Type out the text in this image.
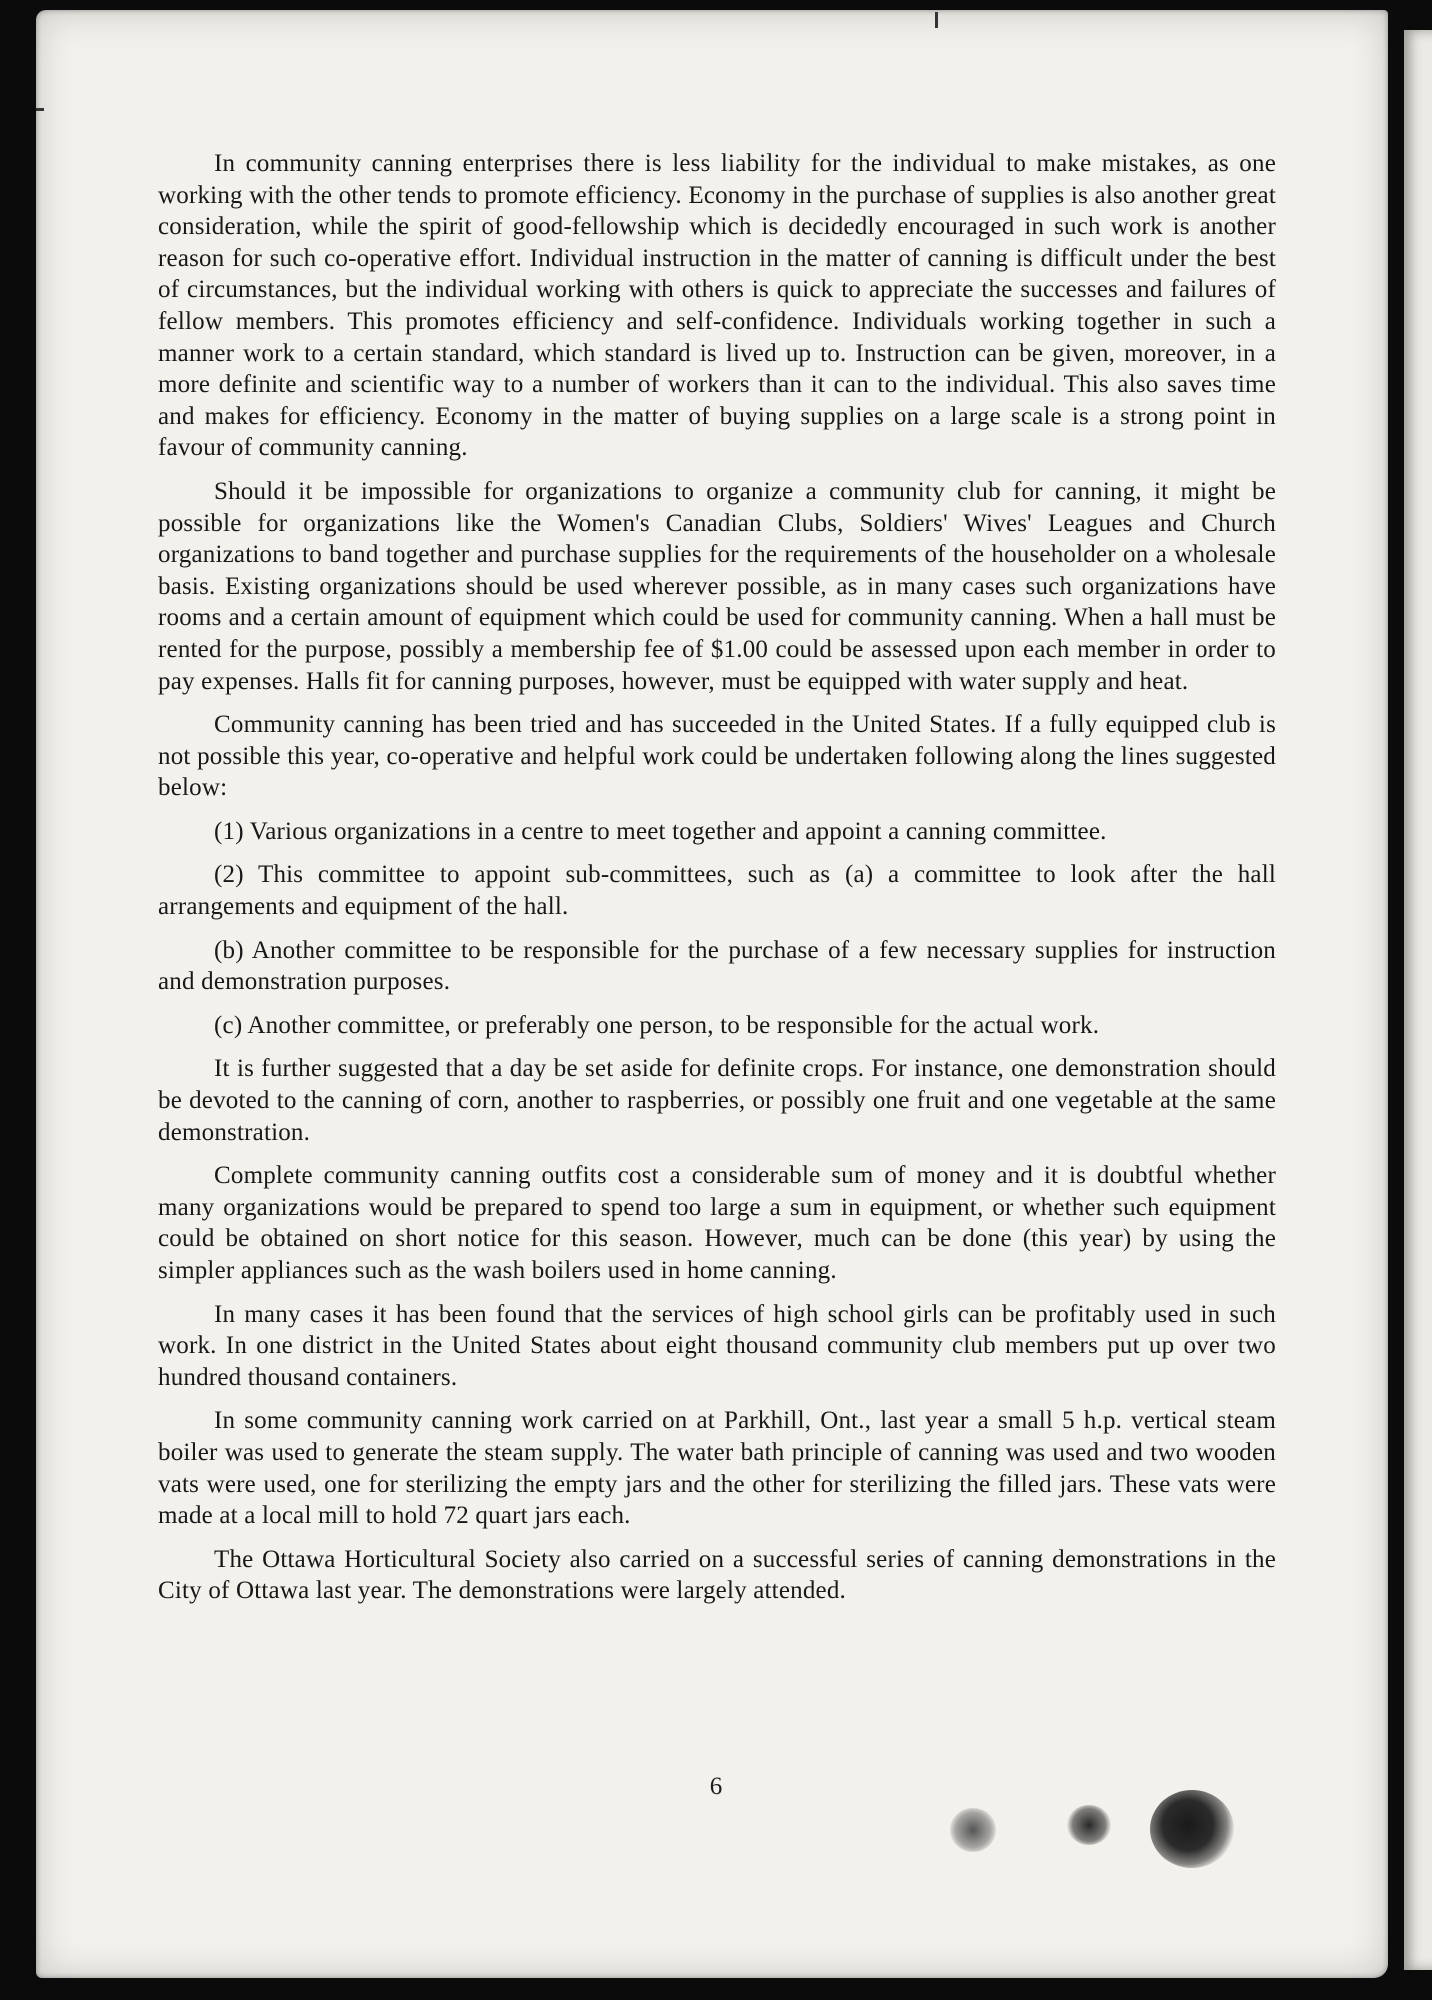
In community canning enterprises there is less liability for the individual to make mistakes, as one working with the other tends to promote efficiency. Economy in the purchase of supplies is also another great consideration, while the spirit of good-fellowship which is decidedly encouraged in such work is another reason for such co-operative effort. Individual instruction in the matter of canning is difficult under the best of circumstances, but the individual working with others is quick to appreciate the successes and failures of fellow members. This promotes efficiency and self-confidence. Individuals working together in such a manner work to a certain standard, which standard is lived up to. Instruction can be given, moreover, in a more definite and scientific way to a number of workers than it can to the individual. This also saves time and makes for efficiency. Economy in the matter of buying supplies on a large scale is a strong point in favour of community canning.

Should it be impossible for organizations to organize a community club for canning, it might be possible for organizations like the Women's Canadian Clubs, Soldiers' Wives' Leagues and Church organizations to band together and purchase supplies for the requirements of the householder on a wholesale basis. Existing organizations should be used wherever possible, as in many cases such organizations have rooms and a certain amount of equipment which could be used for community canning. When a hall must be rented for the purpose, possibly a membership fee of $1.00 could be assessed upon each member in order to pay expenses. Halls fit for canning purposes, however, must be equipped with water supply and heat.

Community canning has been tried and has succeeded in the United States. If a fully equipped club is not possible this year, co-operative and helpful work could be undertaken following along the lines suggested below:

(1) Various organizations in a centre to meet together and appoint a canning committee.

(2) This committee to appoint sub-committees, such as (a) a committee to look after the hall arrangements and equipment of the hall.

(b) Another committee to be responsible for the purchase of a few necessary supplies for instruction and demonstration purposes.

(c) Another committee, or preferably one person, to be responsible for the actual work.

It is further suggested that a day be set aside for definite crops. For instance, one demonstration should be devoted to the canning of corn, another to raspberries, or possibly one fruit and one vegetable at the same demonstration.

Complete community canning outfits cost a considerable sum of money and it is doubtful whether many organizations would be prepared to spend too large a sum in equipment, or whether such equipment could be obtained on short notice for this season. However, much can be done (this year) by using the simpler appliances such as the wash boilers used in home canning.

In many cases it has been found that the services of high school girls can be profitably used in such work. In one district in the United States about eight thousand community club members put up over two hundred thousand containers.

In some community canning work carried on at Parkhill, Ont., last year a small 5 h.p. vertical steam boiler was used to generate the steam supply. The water bath principle of canning was used and two wooden vats were used, one for sterilizing the empty jars and the other for sterilizing the filled jars. These vats were made at a local mill to hold 72 quart jars each.

The Ottawa Horticultural Society also carried on a successful series of canning demonstrations in the City of Ottawa last year. The demonstrations were largely attended.

6
